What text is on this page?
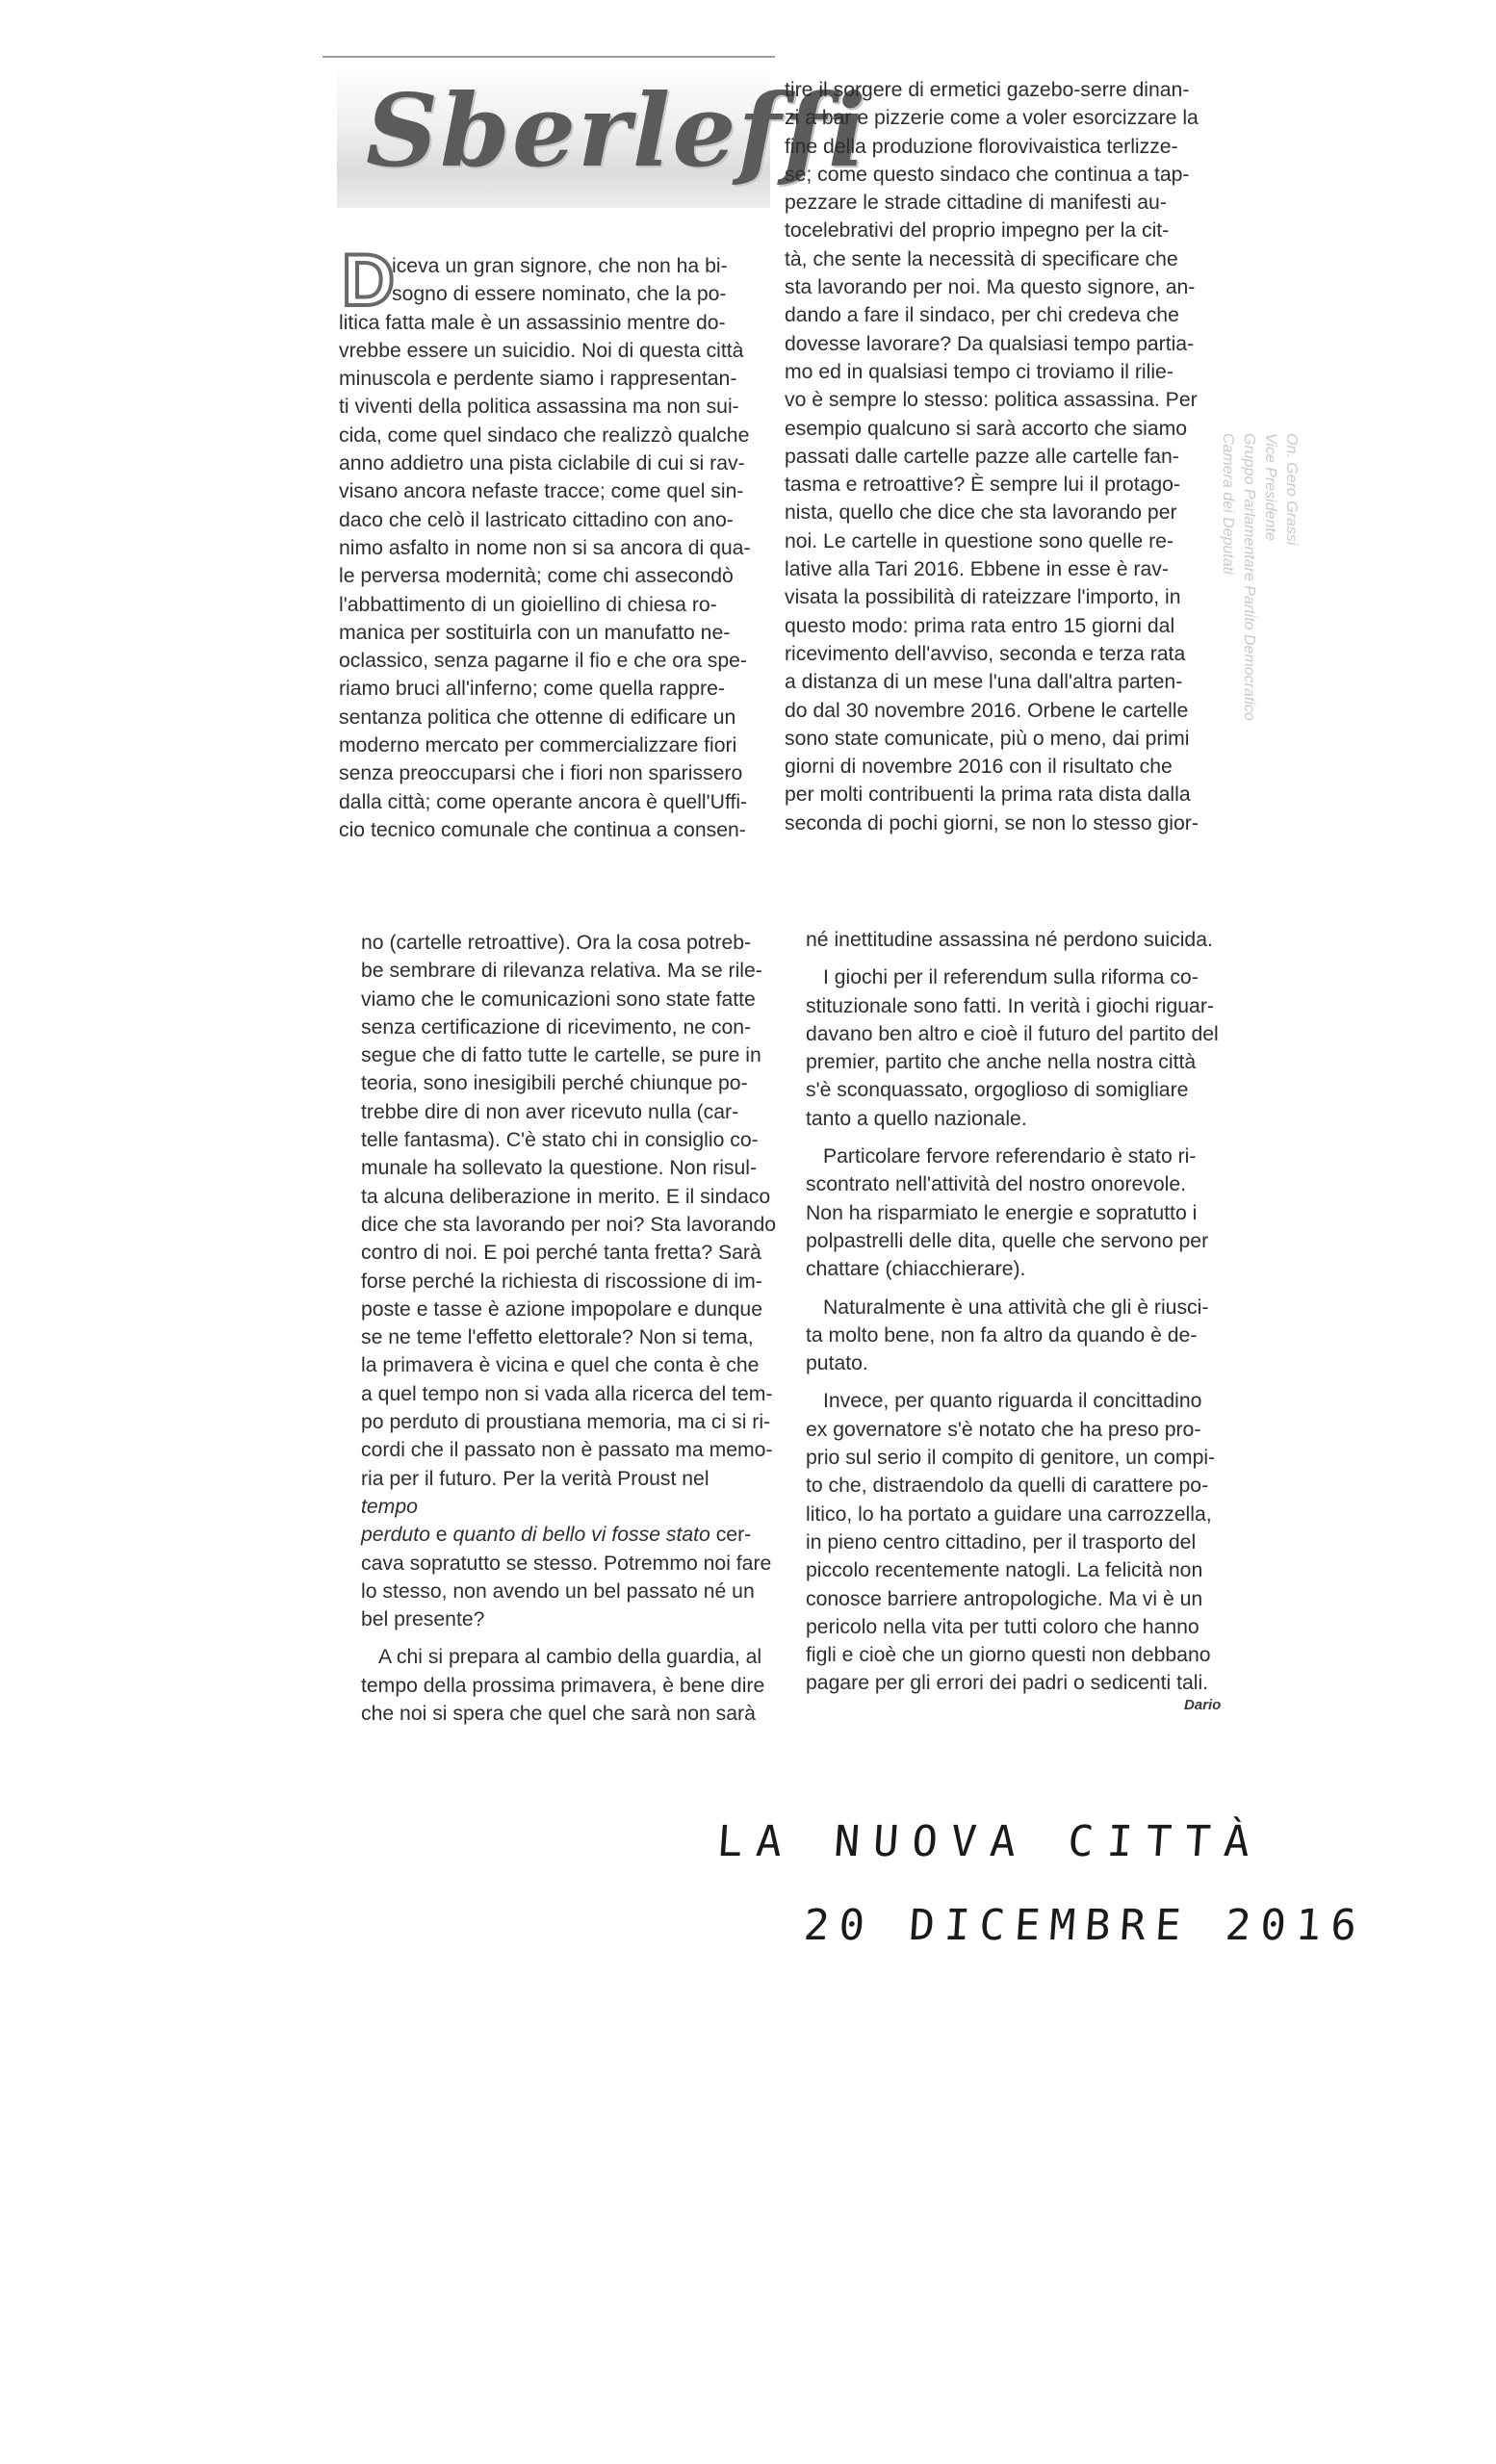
Sberleffi
D

iceva un gran signore, che non ha bi-

sogno di essere nominato, che la po-

litica fatta male è un assassinio mentre do-

vrebbe essere un suicidio. Noi di questa città

minuscola e perdente siamo i rappresentan-

ti viventi della politica assassina ma non sui-

cida, come quel sindaco che realizzò qualche

anno addietro una pista ciclabile di cui si rav-

visano ancora nefaste tracce; come quel sin-

daco che celò il lastricato cittadino con ano-

nimo asfalto in nome non si sa ancora di qua-

le perversa modernità; come chi assecondò

l'abbattimento di un gioiellino di chiesa ro-

manica per sostituirla con un manufatto ne-

oclassico, senza pagarne il fio e che ora spe-

riamo bruci all'inferno; come quella rappre-

sentanza politica che ottenne di edificare un

moderno mercato per commercializzare fiori

senza preoccuparsi che i fiori non sparissero

dalla città; come operante ancora è quell'Uffi-

cio tecnico comunale che continua a consen-

tire il sorgere di ermetici gazebo-serre dinan-

zi a bar e pizzerie come a voler esorcizzare la

fine della produzione florovivaistica terlizze-

se; come questo sindaco che continua a tap-

pezzare le strade cittadine di manifesti au-

tocelebrativi del proprio impegno per la cit-

tà, che sente la necessità di specificare che

sta lavorando per noi. Ma questo signore, an-

dando a fare il sindaco, per chi credeva che

dovesse lavorare? Da qualsiasi tempo partia-

mo ed in qualsiasi tempo ci troviamo il rilie-

vo è sempre lo stesso: politica assassina. Per

esempio qualcuno si sarà accorto che siamo

passati dalle cartelle pazze alle cartelle fan-

tasma e retroattive? È sempre lui il protago-

nista, quello che dice che sta lavorando per

noi. Le cartelle in questione sono quelle re-

lative alla Tari 2016. Ebbene in esse è rav-

visata la possibilità di rateizzare l'importo, in

questo modo: prima rata entro 15 giorni dal

ricevimento dell'avviso, seconda e terza rata

a distanza di un mese l'una dall'altra parten-

do dal 30 novembre 2016. Orbene le cartelle

sono state comunicate, più o meno, dai primi

giorni di novembre 2016 con il risultato che

per molti contribuenti la prima rata dista dalla

seconda di pochi giorni, se non lo stesso gior-

no (cartelle retroattive). Ora la cosa potreb-

be sembrare di rilevanza relativa. Ma se rile-

viamo che le comunicazioni sono state fatte

senza certificazione di ricevimento, ne con-

segue che di fatto tutte le cartelle, se pure in

teoria, sono inesigibili perché chiunque po-

trebbe dire di non aver ricevuto nulla (car-

telle fantasma). C'è stato chi in consiglio co-

munale ha sollevato la questione. Non risul-

ta alcuna deliberazione in merito. E il sindaco

dice che sta lavorando per noi? Sta lavorando

contro di noi. E poi perché tanta fretta? Sarà

forse perché la richiesta di riscossione di im-

poste e tasse è azione impopolare e dunque

se ne teme l'effetto elettorale? Non si tema,

la primavera è vicina e quel che conta è che

a quel tempo non si vada alla ricerca del tem-

po perduto di proustiana memoria, ma ci si ri-

cordi che il passato non è passato ma memo-

ria per il futuro. Per la verità Proust nel

tempo

perduto e quanto di bello vi fosse stato cer-

cava sopratutto se stesso. Potremmo noi fare

lo stesso, non avendo un bel passato né un

bel presente?

A chi si prepara al cambio della guardia, al

tempo della prossima primavera, è bene dire

che noi si spera che quel che sarà non sarà

né inettitudine assassina né perdono suicida.

I giochi per il referendum sulla riforma co-

stituzionale sono fatti. In verità i giochi riguar-

davano ben altro e cioè il futuro del partito del

premier, partito che anche nella nostra città

s'è sconquassato, orgoglioso di somigliare

tanto a quello nazionale.

Particolare fervore referendario è stato ri-

scontrato nell'attività del nostro onorevole.

Non ha risparmiato le energie e sopratutto i

polpastrelli delle dita, quelle che servono per

chattare (chiacchierare).

Naturalmente è una attività che gli è riusci-

ta molto bene, non fa altro da quando è de-

putato.

Invece, per quanto riguarda il concittadino

ex governatore s'è notato che ha preso pro-

prio sul serio il compito di genitore, un compi-

to che, distraendolo da quelli di carattere po-

litico, lo ha portato a guidare una carrozzella,

in pieno centro cittadino, per il trasporto del

piccolo recentemente natogli. La felicità non

conosce barriere antropologiche. Ma vi è un

pericolo nella vita per tutti coloro che hanno

figli e cioè che un giorno questi non debbano

pagare per gli errori dei padri o sedicenti tali.

Dario

On. Gero Grassi

Vice Presidente

Gruppo Parlamentare Partito Democratico

Camera dei Deputati

LA NUOVA CITTÀ
20 DICEMBRE 2016
